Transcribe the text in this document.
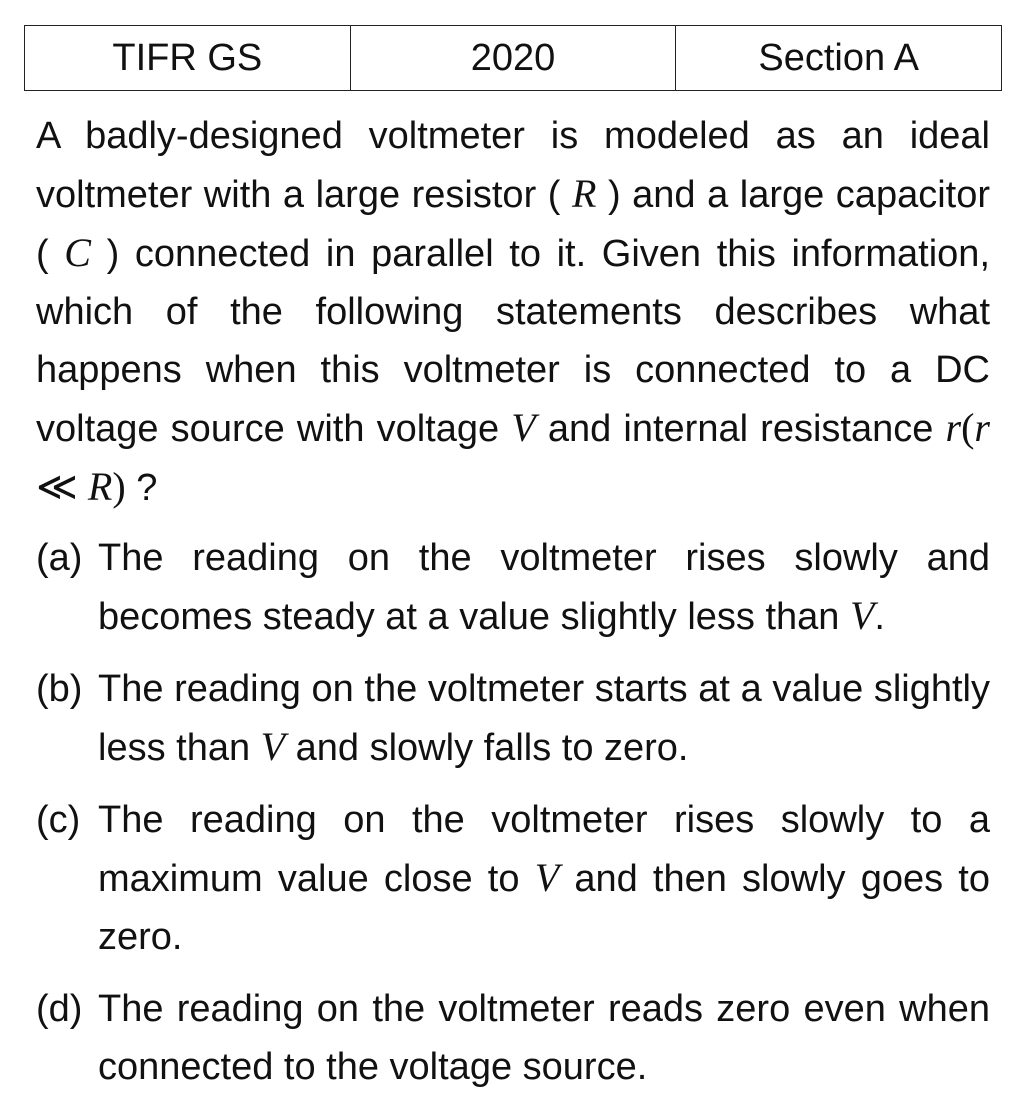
TIFR GS	2020	Section A

A badly-designed voltmeter is modeled as an ideal voltmeter with a large resistor ( R ) and a large capacitor ( C ) connected in parallel to it. Given this information, which of the following statements describes what happens when this voltmeter is connected to a DC voltage source with voltage V and internal resistance r(r ≪ R) ?

(a) The reading on the voltmeter rises slowly and becomes steady at a value slightly less than V.
(b) The reading on the voltmeter starts at a value slightly less than V and slowly falls to zero.
(c) The reading on the voltmeter rises slowly to a maximum value close to V and then slowly goes to zero.
(d) The reading on the voltmeter reads zero even when connected to the voltage source.
